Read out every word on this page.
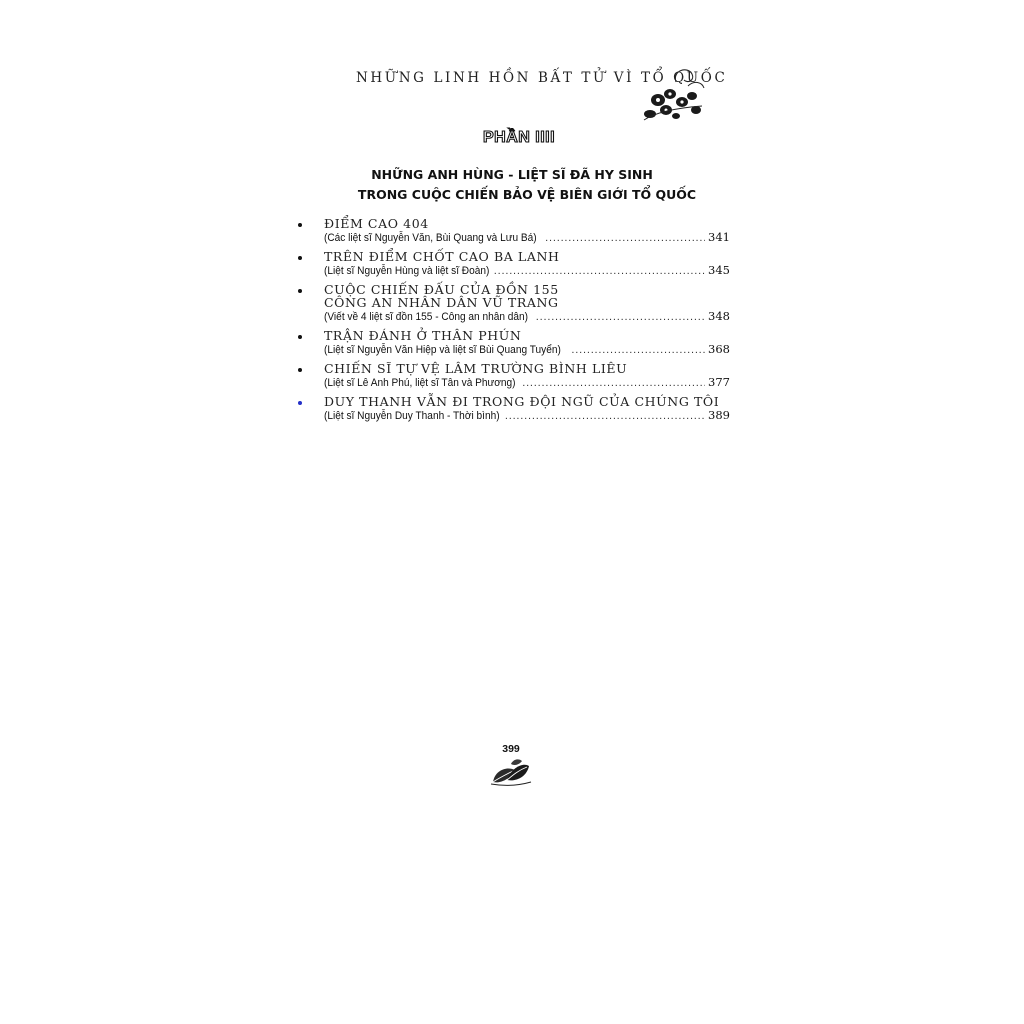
NHỮNG LINH HỒN BẤT TỬ VÌ TỔ QUỐC
PHẦN IIII
NHỮNG ANH HÙNG - LIỆT SĨ ĐÃ HY SINH
TRONG CUỘC CHIẾN BẢO VỆ BIÊN GIỚI TỔ QUỐC
ĐIỂM CAO 404
(Các liệt sĩ Nguyễn Văn, Bùi Quang và Lưu Bá) .....	341
TRÊN ĐIỂM CHỐT CAO BA LANH
(Liệt sĩ Nguyễn Hùng và liệt sĩ Đoàn) .....	345
CUỘC CHIẾN ĐẤU CỦA ĐỒN 155
CÔNG AN NHÂN DÂN VŨ TRANG
(Viết về 4 liệt sĩ đồn 155 - Công an nhân dân) .....	348
TRẬN ĐÁNH Ở THÂN PHÚN
(Liệt sĩ Nguyễn Văn Hiệp và liệt sĩ Bùi Quang Tuyển) .....	368
CHIẾN SĨ TỰ VỆ LÂM TRƯỜNG BÌNH LIÊU
(Liệt sĩ Lê Anh Phú, liệt sĩ Tân và Phương) .....	377
DUY THANH VẪN ĐI TRONG ĐỘI NGŨ CỦA CHÚNG TÔI
(Liệt sĩ Nguyễn Duy Thanh - Thời bình) .....	389
399
